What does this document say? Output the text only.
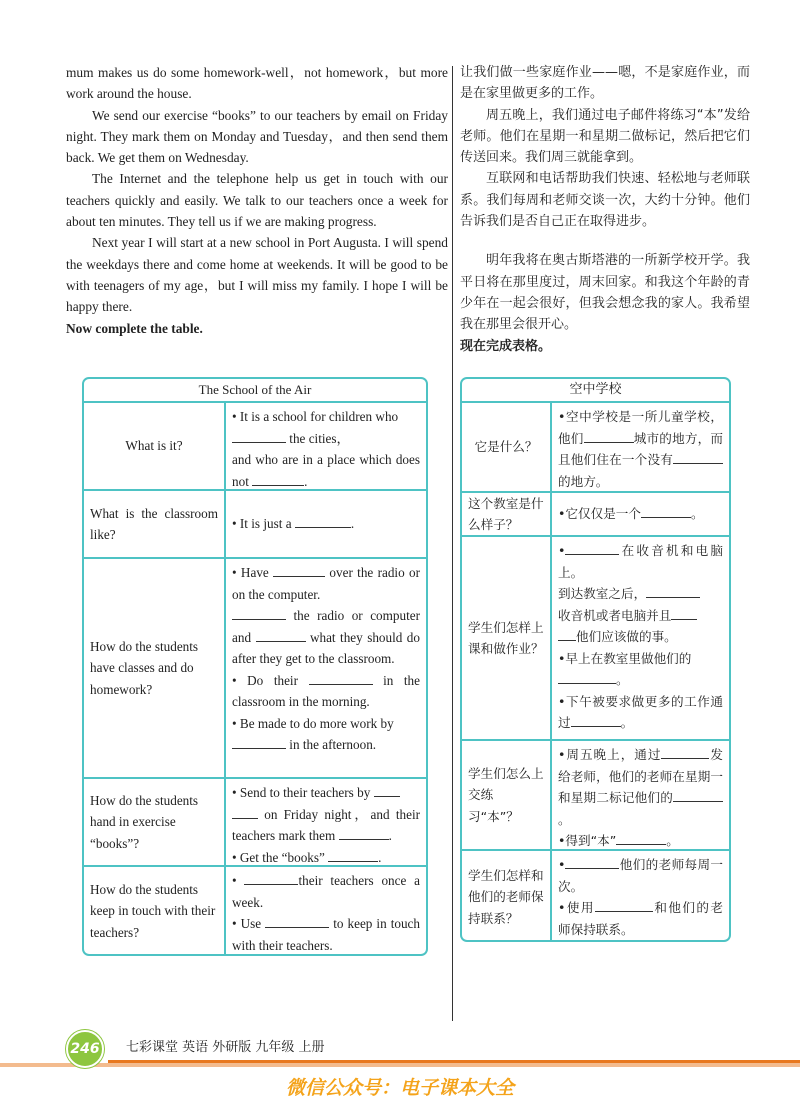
mum makes us do some homework-well，not homework，but more work around the house.

We send our exercise “books” to our teachers by email on Friday night. They mark them on Monday and Tuesday，and then send them back. We get them on Wednesday.

The Internet and the telephone help us get in touch with our teachers quickly and easily. We talk to our teachers once a week for about ten minutes. They tell us if we are making progress.

Next year I will start at a new school in Port Augusta. I will spend the weekdays there and come home at weekends. It will be good to be with teenagers of my age，but I will miss my family. I hope I will be happy there.

Now complete the table.

让我们做一些家庭作业——嗯，不是家庭作业，而是在家里做更多的工作。

周五晚上，我们通过电子邮件将练习“本”发给老师。他们在星期一和星期二做标记，然后把它们传送回来。我们周三就能拿到。

互联网和电话帮助我们快速、轻松地与老师联系。我们每周和老师交谈一次，大约十分钟。他们告诉我们是否自己正在取得进步。

明年我将在奥古斯塔港的一所新学校开学。我平日将在那里度过，周末回家。和我这个年龄的青少年在一起会很好，但我会想念我的家人。我希望我在那里会很开心。

现在完成表格。

The School of the Air
What is it?
• It is a school for children who
the cities，
and who are in a place which does not	.
What is the classroom like?
• It is just a	.
How do the students have classes and do homework?
• Have	over the radio or on the computer.
the radio or computer and	what they should do after they get to the classroom.
• Do their	in the classroom in the morning.
• Be made to do more work by
in the afternoon.
How do the students hand in exercise “books”?
• Send to their teachers by
on Friday night，and their teachers mark them	.
• Get the “books”	.
How do the students keep in touch with their teachers?
•	their teachers once a week.
• Use	to keep in touch with their teachers.
空中学校
它是什么？
•空中学校是一所儿童学校，他们	城市的地方，而且他们住在一个没有的地方。
这个教室是什么样子？
•它仅仅是一个	。
学生们怎样上课和做作业？
•	在收音机和电脑上。
到达教室之后，
收音机或者电脑并且
他们应该做的事。
•早上在教室里做他们的
。
•下午被要求做更多的工作通过	。
学生们怎么上交练习“本”？
•周五晚上，通过	发给老师，他们的老师在星期一和星期二标记他们的。
•得到“本”	。
学生们怎样和他们的老师保持联系？
•	他们的老师每周一次。
•使用	和他们的老师保持联系。
246	七彩课堂 英语 外研版 九年级 上册
微信公众号：电子课本大全
